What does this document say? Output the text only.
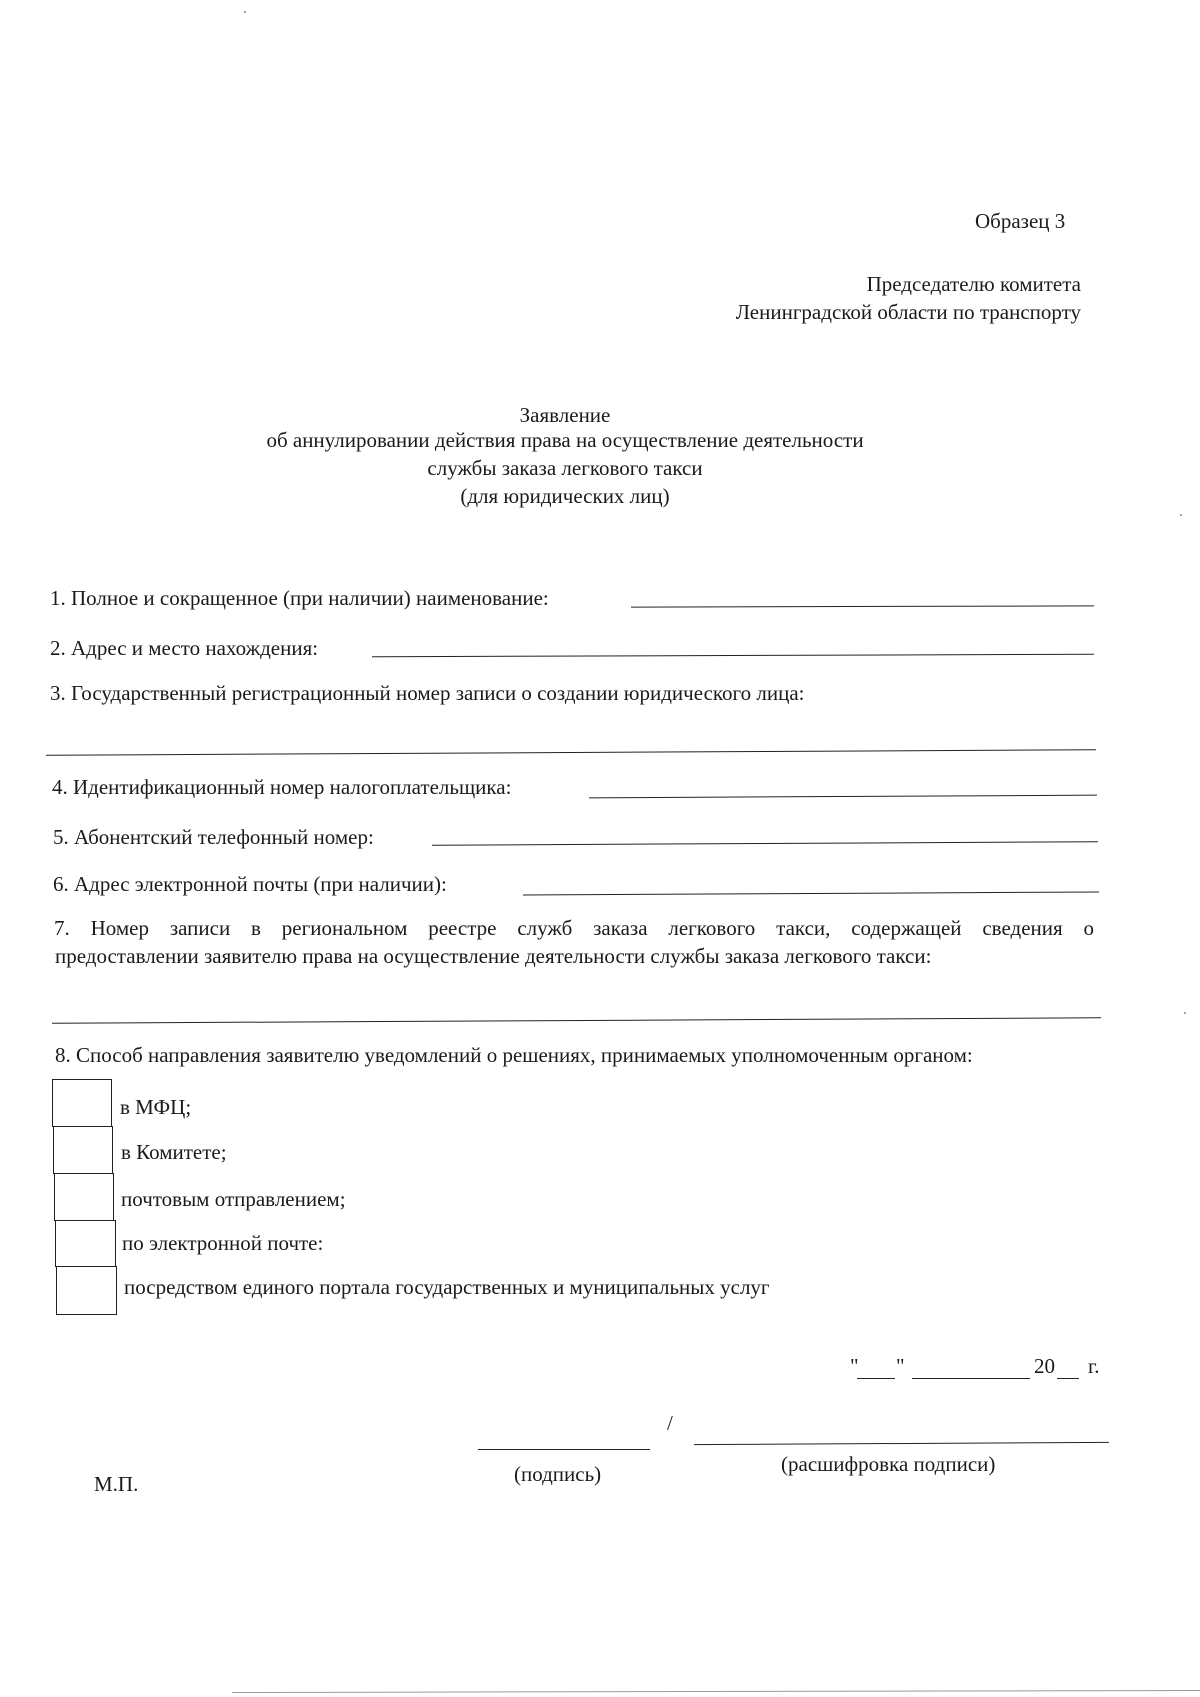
Образец 3
Председателю комитета
Ленинградской области по транспорту
Заявление
об аннулировании действия права на осуществление деятельности
службы заказа легкового такси
(для юридических лиц)
1. Полное и сокращенное (при наличии) наименование:
2. Адрес и место нахождения:
3. Государственный регистрационный номер записи о создании юридического лица:
4. Идентификационный номер налогоплательщика:
5. Абонентский телефонный номер:
6. Адрес электронной почты (при наличии):
7. Номер записи в региональном реестре служб заказа легкового такси, содержащей сведения о
предоставлении заявителю права на осуществление деятельности службы заказа легкового такси:
8. Способ направления заявителю уведомлений о решениях, принимаемых уполномоченным органом:
в МФЦ;
в Комитете;
почтовым отправлением;
по электронной почте:
посредством единого портала государственных и муниципальных услуг
" "	20 г.
/
(подпись)	(расшифровка подписи)
М.П.
